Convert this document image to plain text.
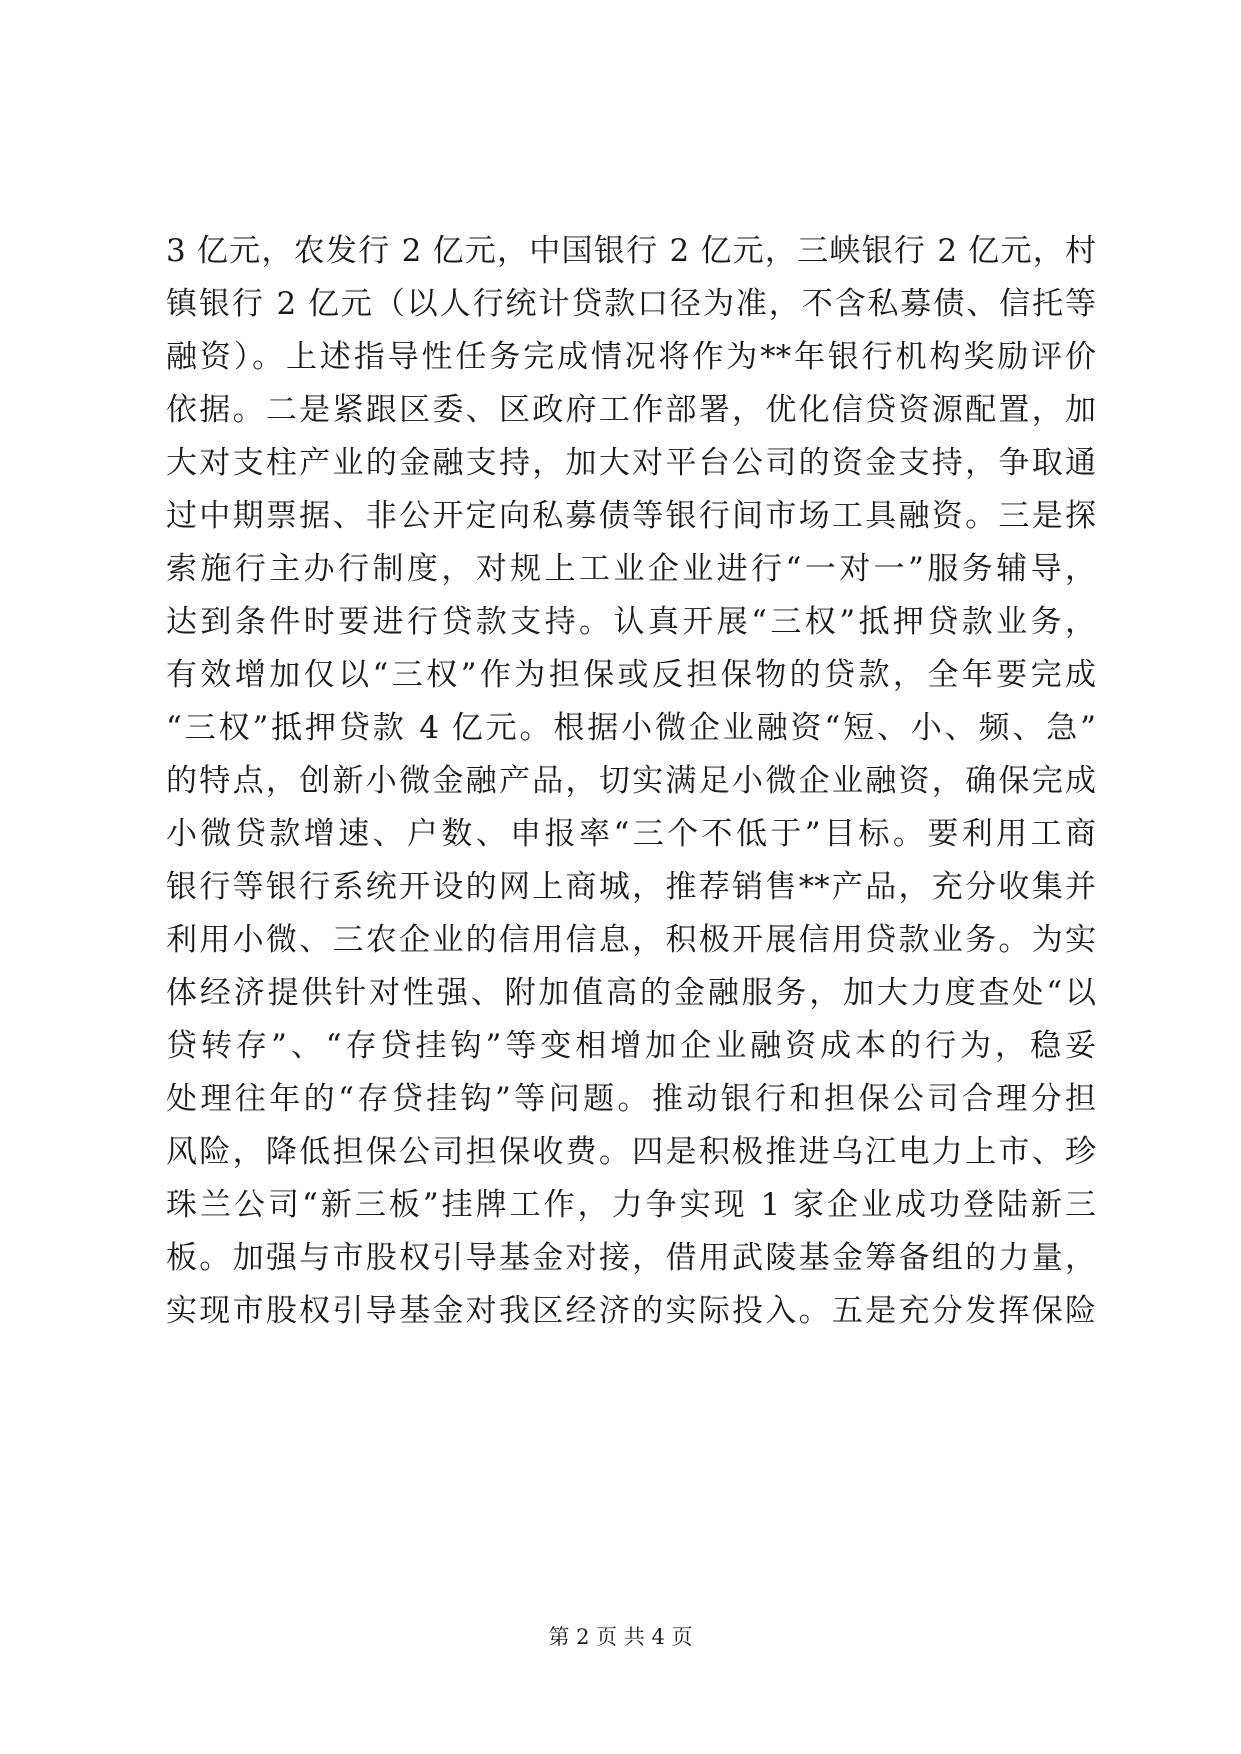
3 亿元，农发行 2 亿元，中国银行 2 亿元，三峡银行 2 亿元，村
镇银行 2 亿元（以人行统计贷款口径为准，不含私募债、信托等
融资）。上述指导性任务完成情况将作为**年银行机构奖励评价
依据。二是紧跟区委、区政府工作部署，优化信贷资源配置，加
大对支柱产业的金融支持，加大对平台公司的资金支持，争取通
过中期票据、非公开定向私募债等银行间市场工具融资。三是探
索施行主办行制度，对规上工业企业进行“一对一”服务辅导，
达到条件时要进行贷款支持。认真开展“三权”抵押贷款业务，
有效增加仅以“三权”作为担保或反担保物的贷款，全年要完成
“三权”抵押贷款 4 亿元。根据小微企业融资“短、小、频、急”
的特点，创新小微金融产品，切实满足小微企业融资，确保完成
小微贷款增速、户数、申报率“三个不低于”目标。要利用工商
银行等银行系统开设的网上商城，推荐销售**产品，充分收集并
利用小微、三农企业的信用信息，积极开展信用贷款业务。为实
体经济提供针对性强、附加值高的金融服务，加大力度查处“以
贷转存”、“存贷挂钩”等变相增加企业融资成本的行为，稳妥
处理往年的“存贷挂钩”等问题。推动银行和担保公司合理分担
风险，降低担保公司担保收费。四是积极推进乌江电力上市、珍
珠兰公司“新三板”挂牌工作，力争实现 1 家企业成功登陆新三
板。加强与市股权引导基金对接，借用武陵基金筹备组的力量，
实现市股权引导基金对我区经济的实际投入。五是充分发挥保险
第 2 页 共 4 页
